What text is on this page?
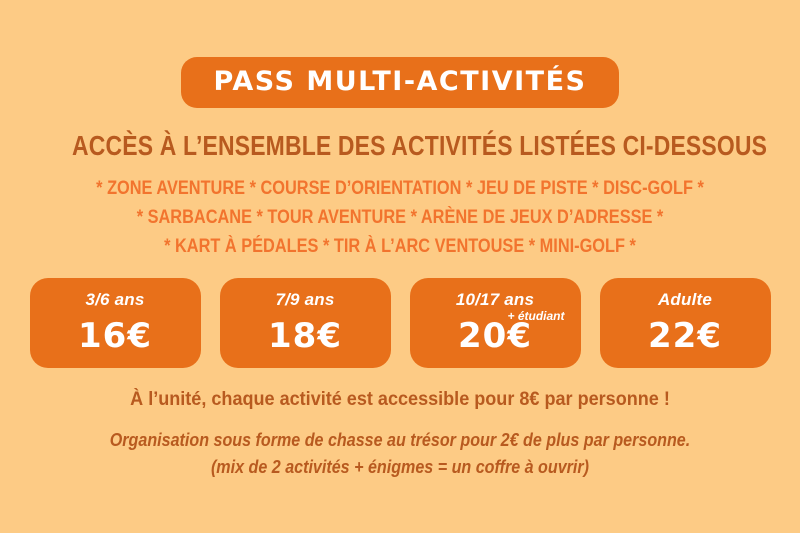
PASS MULTI-ACTIVITÉS
ACCÈS À L’ENSEMBLE DES ACTIVITÉS LISTÉES CI-DESSOUS
* ZONE AVENTURE * COURSE D’ORIENTATION * JEU DE PISTE * DISC-GOLF *
* SARBACANE * TOUR AVENTURE * ARÈNE DE JEUX D’ADRESSE *
* KART À PÉDALES * TIR À L’ARC VENTOUSE * MINI-GOLF *
3/6 ans
16€
7/9 ans
18€
10/17 ans
+ étudiant
20€
Adulte
22€
À l’unité, chaque activité est accessible pour 8€ par personne !
Organisation sous forme de chasse au trésor pour 2€ de plus par personne.
(mix de 2 activités + énigmes = un coffre à ouvrir)
